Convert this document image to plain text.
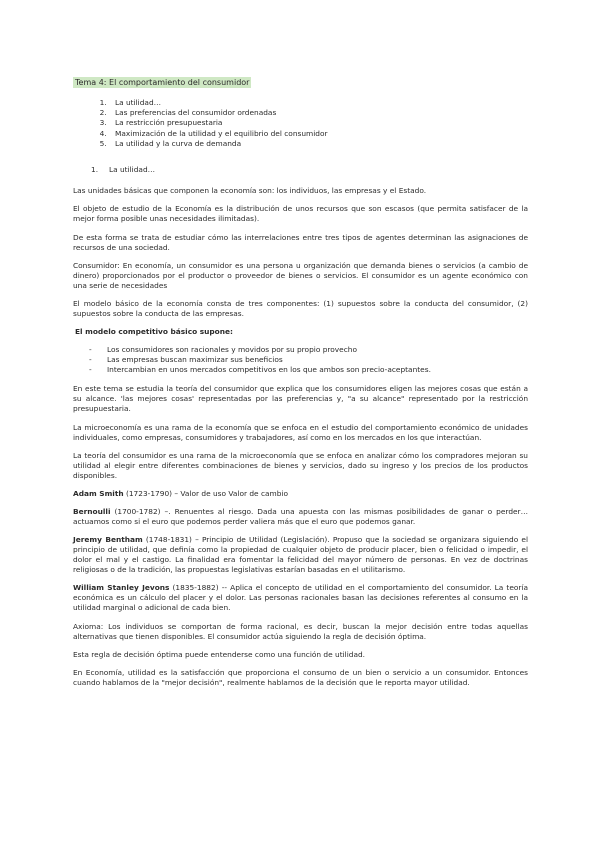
Tema 4: El comportamiento del consumidor
1. La utilidad…
2. Las preferencias del consumidor ordenadas
3. La restricción presupuestaria
4. Maximización de la utilidad y el equilibrio del consumidor
5. La utilidad y la curva de demanda
1. La utilidad…

Las unidades básicas que componen la economía son: los individuos, las empresas y el Estado.

El objeto de estudio de la Economía es la distribución de unos recursos que son escasos (que permita satisfacer de la mejor forma posible unas necesidades ilimitadas).

De esta forma se trata de estudiar cómo las interrelaciones entre tres tipos de agentes determinan las asignaciones de recursos de una sociedad.

Consumidor: En economía, un consumidor es una persona u organización que demanda bienes o servicios (a cambio de dinero) proporcionados por el productor o proveedor de bienes o servicios. El consumidor es un agente económico con una serie de necesidades

El modelo básico de la economía consta de tres componentes: (1) supuestos sobre la conducta del consumidor, (2) supuestos sobre la conducta de las empresas.

El modelo competitivo básico supone:

- Los consumidores son racionales y movidos por su propio provecho
- Las empresas buscan maximizar sus beneficios
- Intercambian en unos mercados competitivos en los que ambos son precio-aceptantes.

En este tema se estudia la teoría del consumidor que explica que los consumidores eligen las mejores cosas que están a su alcance. 'las mejores cosas' representadas por las preferencias y, "a su alcance" representado por la restricción presupuestaria.

La microeconomía es una rama de la economía que se enfoca en el estudio del comportamiento económico de unidades individuales, como empresas, consumidores y trabajadores, así como en los mercados en los que interactúan.

La teoría del consumidor es una rama de la microeconomía que se enfoca en analizar cómo los compradores mejoran su utilidad al elegir entre diferentes combinaciones de bienes y servicios, dado su ingreso y los precios de los productos disponibles.

Adam Smith (1723-1790) – Valor de uso Valor de cambio

Bernoulli (1700-1782) –. Renuentes al riesgo. Dada una apuesta con las mismas posibilidades de ganar o perder… actuamos como si el euro que podemos perder valiera más que el euro que podemos ganar.

Jeremy Bentham (1748-1831) – Principio de Utilidad (Legislación). Propuso que la sociedad se organizara siguiendo el principio de utilidad, que definía como la propiedad de cualquier objeto de producir placer, bien o felicidad o impedir, el dolor el mal y el castigo. La finalidad era fomentar la felicidad del mayor número de personas. En vez de doctrinas religiosas o de la tradición, las propuestas legislativas estarían basadas en el utilitarismo.

William Stanley Jevons (1835-1882) -- Aplica el concepto de utilidad en el comportamiento del consumidor. La teoría económica es un cálculo del placer y el dolor. Las personas racionales basan las decisiones referentes al consumo en la utilidad marginal o adicional de cada bien.

Axioma: Los individuos se comportan de forma racional, es decir, buscan la mejor decisión entre todas aquellas alternativas que tienen disponibles. El consumidor actúa siguiendo la regla de decisión óptima.

Esta regla de decisión óptima puede entenderse como una función de utilidad.

En Economía, utilidad es la satisfacción que proporciona el consumo de un bien o servicio a un consumidor. Entonces cuando hablamos de la "mejor decisión", realmente hablamos de la decisión que le reporta mayor utilidad.
